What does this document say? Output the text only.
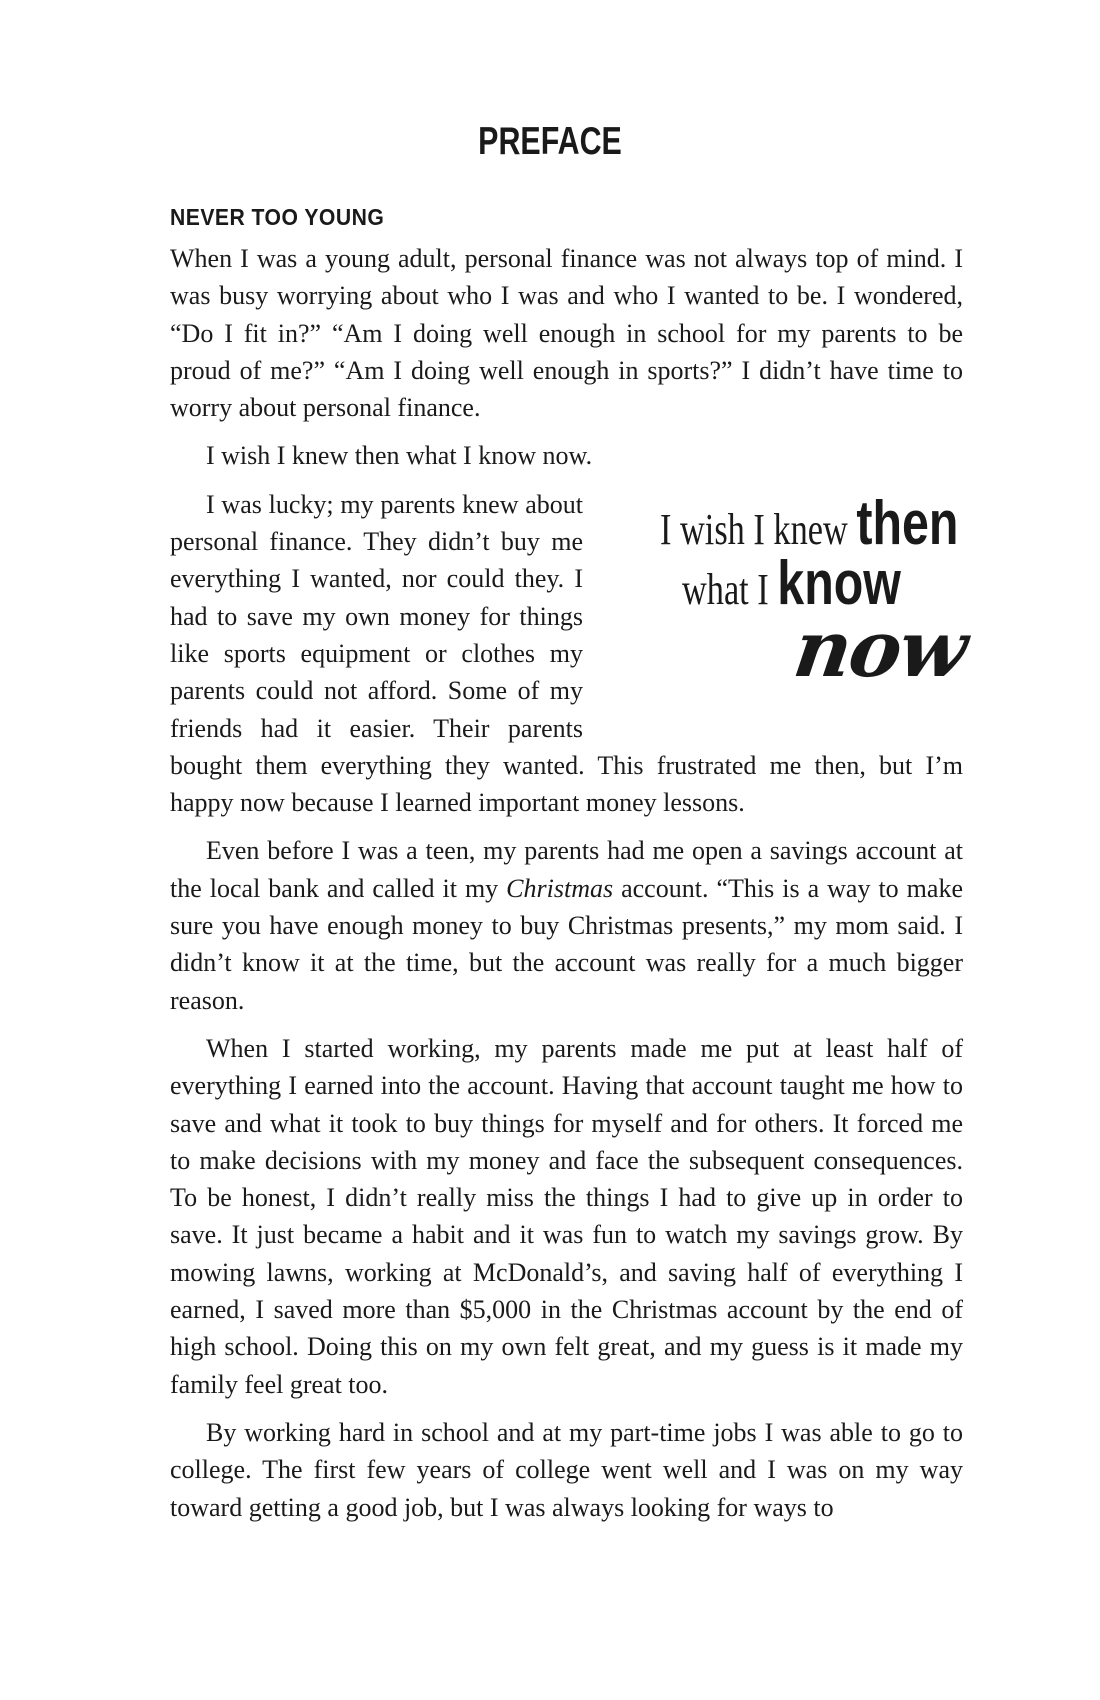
PREFACE
NEVER TOO YOUNG

When I was a young adult, personal finance was not always top of mind. I was busy worrying about who I was and who I wanted to be. I wondered, “Do I fit in?” “Am I doing well enough in school for my parents to be proud of me?” “Am I doing well enough in sports?” I didn’t have time to worry about personal finance.

I wish I knew then what I know now.

I was lucky; my parents knew about personal finance. They didn’t buy me everything I wanted, nor could they. I had to save my own money for things like sports equipment or clothes my parents could not afford. Some of my friends had it easier. Their parents bought them everything they wanted. This frustrated me then, but I’m happy now because I learned important money lessons.

Even before I was a teen, my parents had me open a savings account at the local bank and called it my Christmas account. “This is a way to make sure you have enough money to buy Christmas presents,” my mom said. I didn’t know it at the time, but the account was really for a much bigger reason.

When I started working, my parents made me put at least half of everything I earned into the account. Having that account taught me how to save and what it took to buy things for myself and for others. It forced me to make decisions with my money and face the subsequent consequences. To be honest, I didn’t really miss the things I had to give up in order to save. It just became a habit and it was fun to watch my savings grow. By mowing lawns, working at McDonald’s, and saving half of everything I earned, I saved more than $5,000 in the Christmas account by the end of high school. Doing this on my own felt great, and my guess is it made my family feel great too.

By working hard in school and at my part-time jobs I was able to go to college. The first few years of college went well and I was on my way toward getting a good job, but I was always looking for ways to

I wish I knew then
what I know
now
